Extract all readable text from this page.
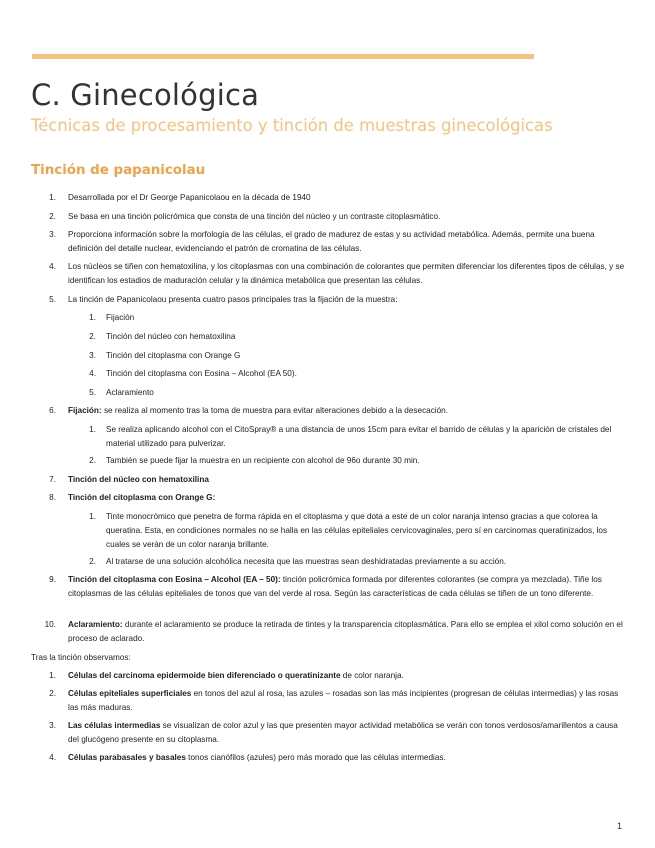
C. Ginecológica
Técnicas de procesamiento y tinción de muestras ginecológicas
Tinción de papanicolau
1. Desarrollada por el Dr George Papanicolaou en la década de 1940
2. Se basa en una tinción policrómica que consta de una tinción del núcleo y un contraste citoplasmático.
3. Proporciona información sobre la morfología de las células, el grado de madurez de estas y su actividad metabólica. Además, permite una buena definición del detalle nuclear, evidenciando el patrón de cromatina de las células.
4. Los núcleos se tiñen con hematoxilina, y los citoplasmas con una combinación de colorantes que permiten diferenciar los diferentes tipos de células, y se identifican los estadios de maduración celular y la dinámica metabólica que presentan las células.
5. La tinción de Papanicolaou presenta cuatro pasos principales tras la fijación de la muestra:
1. Fijación
2. Tinción del núcleo con hematoxilina
3. Tinción del citoplasma con Orange G
4. Tinción del citoplasma con Eosina – Alcohol (EA 50).
5. Aclaramiento
6. Fijación: se realiza al momento tras la toma de muestra para evitar alteraciones debido a la desecación.
1. Se realiza aplicando alcohol con el CitoSpray® a una distancia de unos 15cm para evitar el barrido de células y la aparición de cristales del material utilizado para pulverizar.
2. También se puede fijar la muestra en un recipiente con alcohol de 96o durante 30 min.
7. Tinción del núcleo con hematoxilina
8. Tinción del citoplasma con Orange G:
1. Tinte monocrómico que penetra de forma rápida en el citoplasma y que dota a este de un color naranja intenso gracias a que colorea la queratina. Esta, en condiciones normales no se halla en las células epiteliales cervicovaginales, pero sí en carcinomas queratinizados, los cuales se verán de un color naranja brillante.
2. Al tratarse de una solución alcohólica necesita que las muestras sean deshidratadas previamente a su acción.
9. Tinción del citoplasma con Eosina – Alcohol (EA – 50): tinción policrómica formada por diferentes colorantes (se compra ya mezclada). Tiñe los citoplasmas de las células epiteliales de tonos que van del verde al rosa. Según las características de cada células se tiñen de un tono diferente.
10. Aclaramiento: durante el aclaramiento se produce la retirada de tintes y la transparencia citoplasmática. Para ello se emplea el xilol como solución en el proceso de aclarado.
Tras la tinción observamos:
1. Células del carcinoma epidermoide bien diferenciado o queratinizante de color naranja.
2. Células epiteliales superficiales en tonos del azul al rosa, las azules – rosadas son las más incipientes (progresan de células intermedias) y las rosas las más maduras.
3. Las células intermedias se visualizan de color azul y las que presenten mayor actividad metabólica se verán con tonos verdosos/amarillentos a causa del glucógeno presente en su citoplasma.
4. Células parabasales y basales tonos cianófilos (azules) pero más morado que las células intermedias.
1
